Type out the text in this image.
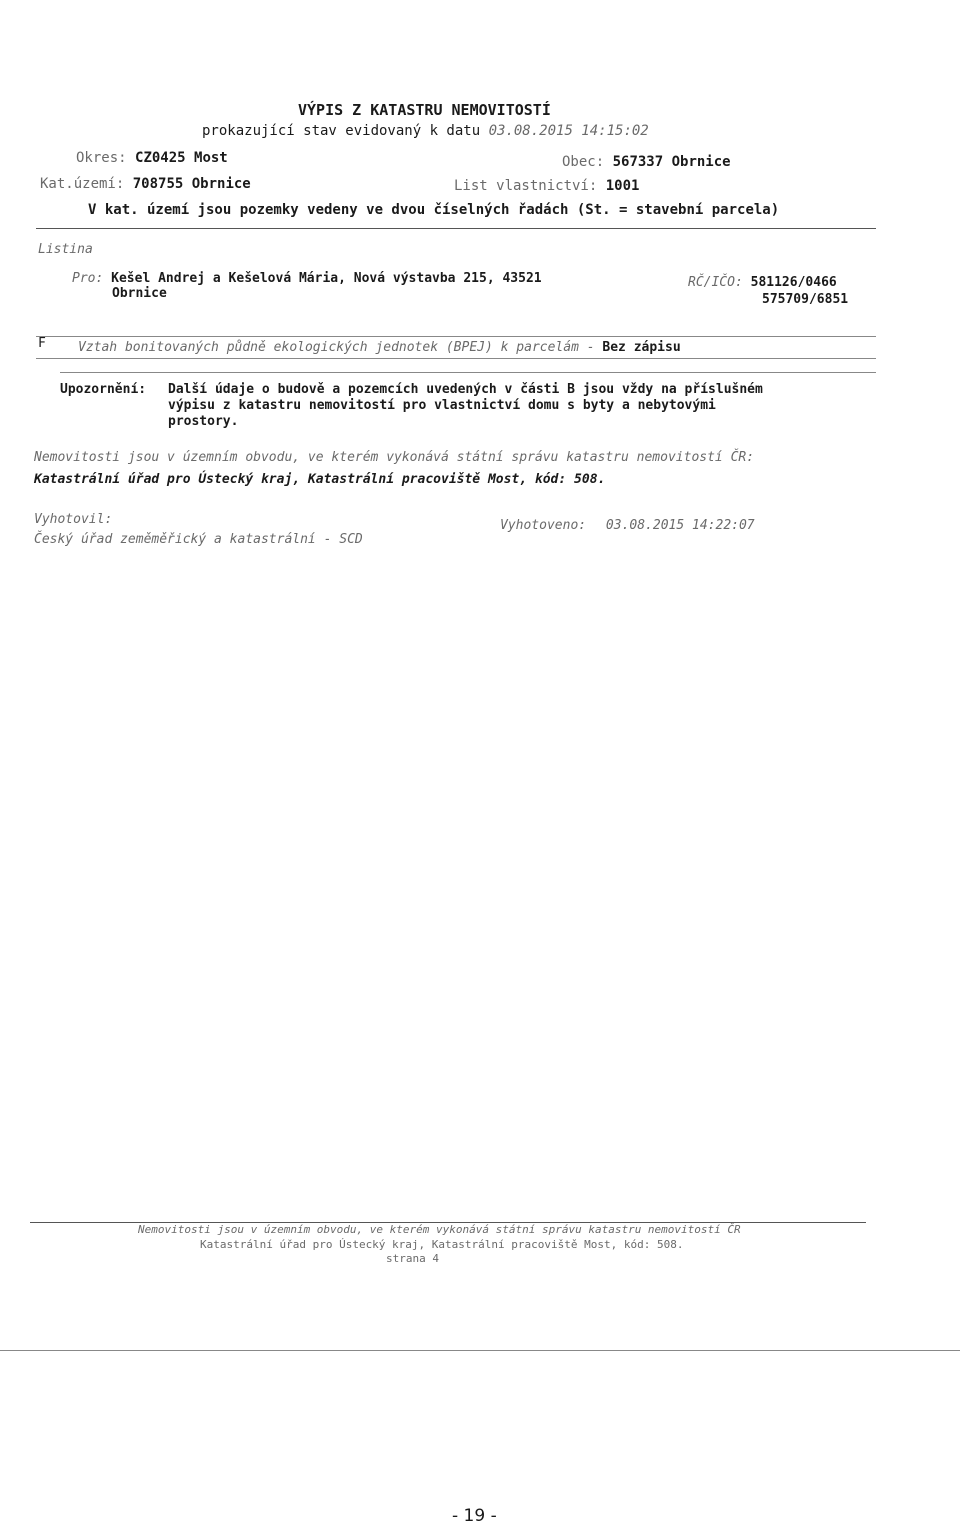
VÝPIS Z KATASTRU NEMOVITOSTÍ
prokazující stav evidovaný k datu 03.08.2015 14:15:02
Okres: CZ0425 Most	Obec: 567337 Obrnice
Kat.území: 708755 Obrnice	List vlastnictví: 1001
V kat. území jsou pozemky vedeny ve dvou číselných řadách (St. = stavební parcela)
Listina
Pro: Kešel Andrej a Kešelová Mária, Nová výstavba 215, 43521
Obrnice
RČ/IČO: 581126/0466
575709/6851
F Vztah bonitovaných půdně ekologických jednotek (BPEJ) k parcelám - Bez zápisu
Upozornění: Další údaje o budově a pozemcích uvedených v části B jsou vždy na příslušném
výpisu z katastru nemovitostí pro vlastnictví domu s byty a nebytovými
prostory.
Nemovitosti jsou v územním obvodu, ve kterém vykonává státní správu katastru nemovitostí ČR:
Katastrální úřad pro Ústecký kraj, Katastrální pracoviště Most, kód: 508.
Vyhotovil:
Český úřad zeměměřický a katastrální - SCD
Vyhotoveno: 03.08.2015 14:22:07
Nemovitosti jsou v územním obvodu, ve kterém vykonává státní správu katastru nemovitostí ČR
Katastrální úřad pro Ústecký kraj, Katastrální pracoviště Most, kód: 508.
strana 4
- 19 -
